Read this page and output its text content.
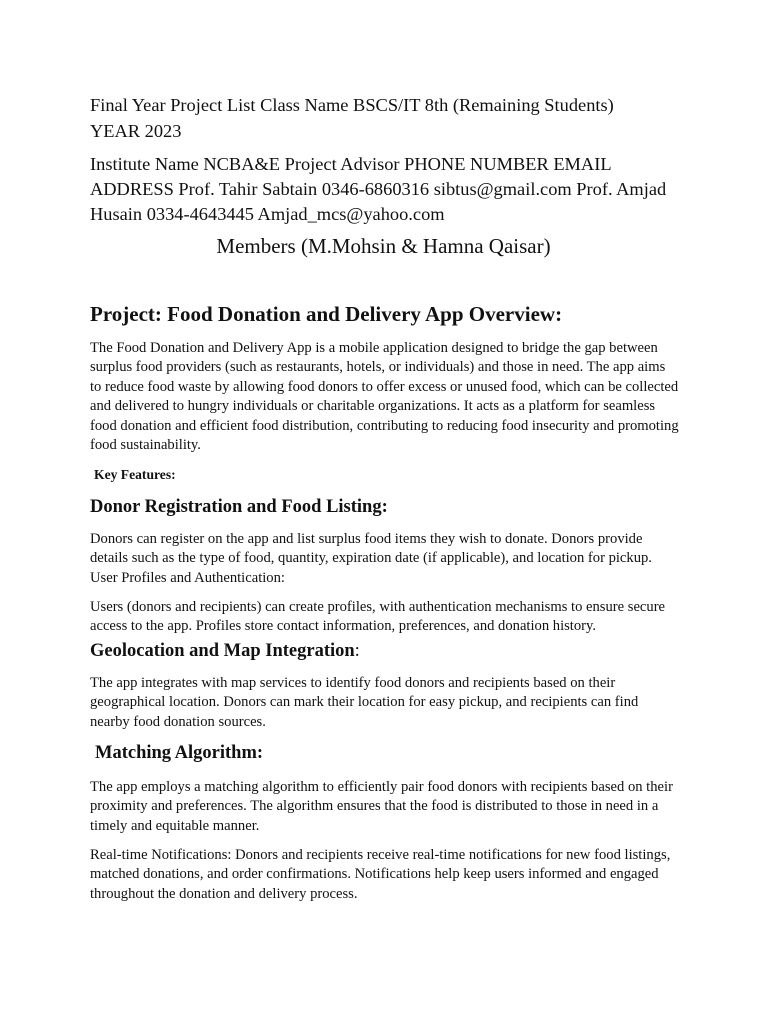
Final Year Project List Class Name BSCS/IT 8th (Remaining Students)

YEAR 2023

Institute Name NCBA&E Project Advisor PHONE NUMBER EMAIL ADDRESS Prof. Tahir Sabtain 0346-6860316 sibtus@gmail.com Prof. Amjad Husain 0334-4643445 Amjad_mcs@yahoo.com

Members (M.Mohsin & Hamna Qaisar)

Project: Food Donation and Delivery App Overview:

The Food Donation and Delivery App is a mobile application designed to bridge the gap between surplus food providers (such as restaurants, hotels, or individuals) and those in need. The app aims to reduce food waste by allowing food donors to offer excess or unused food, which can be collected and delivered to hungry individuals or charitable organizations. It acts as a platform for seamless food donation and efficient food distribution, contributing to reducing food insecurity and promoting food sustainability.

Key Features:

Donor Registration and Food Listing:

Donors can register on the app and list surplus food items they wish to donate. Donors provide details such as the type of food, quantity, expiration date (if applicable), and location for pickup. User Profiles and Authentication:

Users (donors and recipients) can create profiles, with authentication mechanisms to ensure secure access to the app. Profiles store contact information, preferences, and donation history.

Geolocation and Map Integration:

The app integrates with map services to identify food donors and recipients based on their geographical location. Donors can mark their location for easy pickup, and recipients can find nearby food donation sources.

Matching Algorithm:

The app employs a matching algorithm to efficiently pair food donors with recipients based on their proximity and preferences. The algorithm ensures that the food is distributed to those in need in a timely and equitable manner.

Real-time Notifications: Donors and recipients receive real-time notifications for new food listings, matched donations, and order confirmations. Notifications help keep users informed and engaged throughout the donation and delivery process.
